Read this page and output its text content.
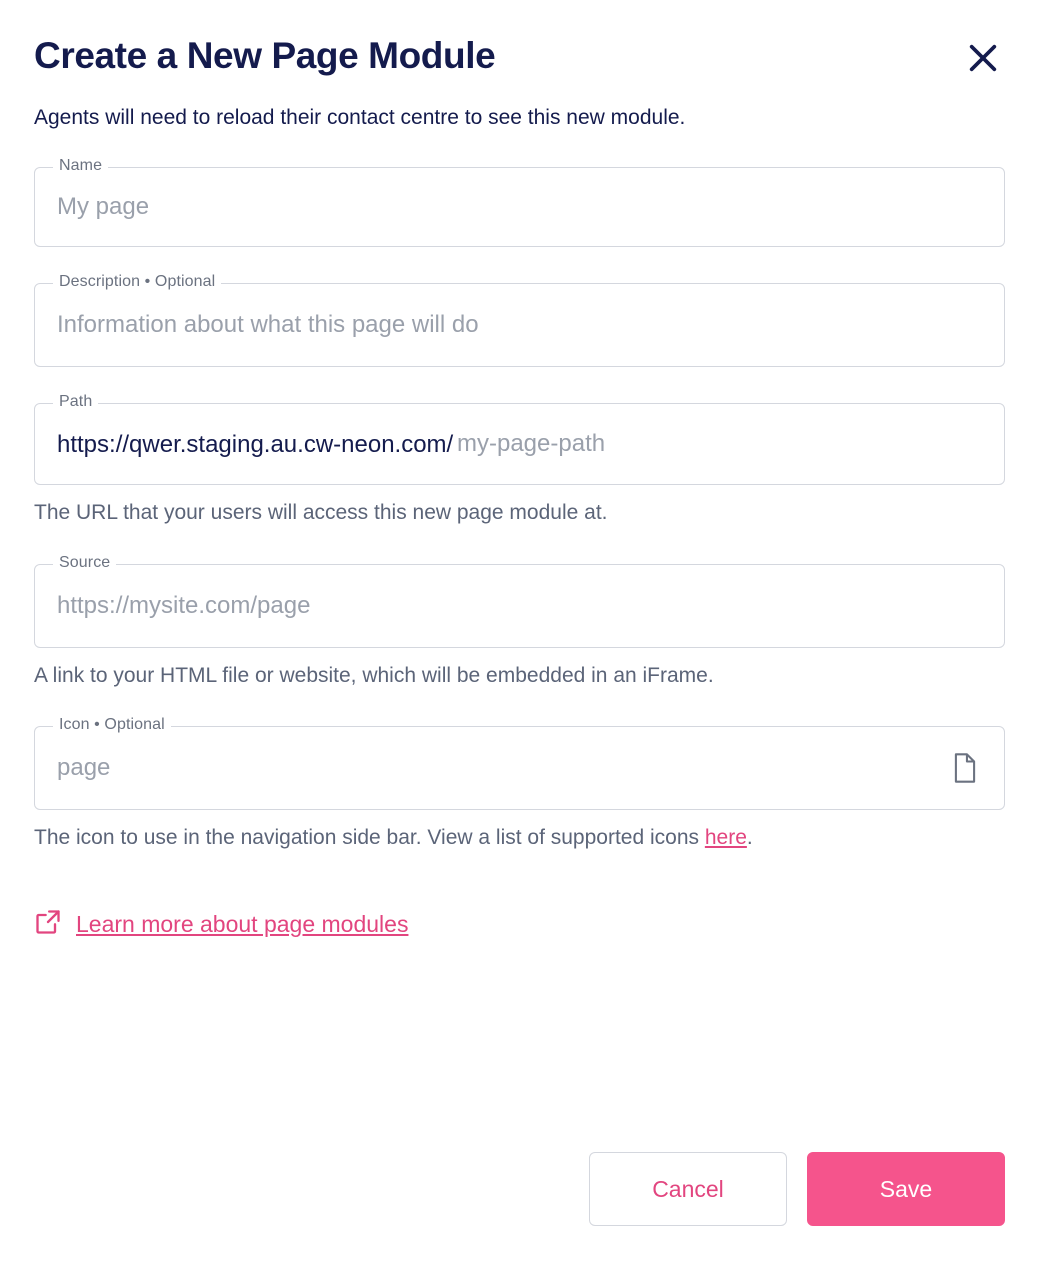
Create a New Page Module

Agents will need to reload their contact centre to see this new module.

Name
My page
Description • Optional
Information about what this page will do
Path
https://qwer.staging.au.cw-neon.com/
my-page-path

The URL that your users will access this new page module at.

Source
https://mysite.com/page

A link to your HTML file or website, which will be embedded in an iFrame.

Icon • Optional
page

The icon to use in the navigation side bar. View a list of supported icons here.

Learn more about page modules
Cancel	Save
